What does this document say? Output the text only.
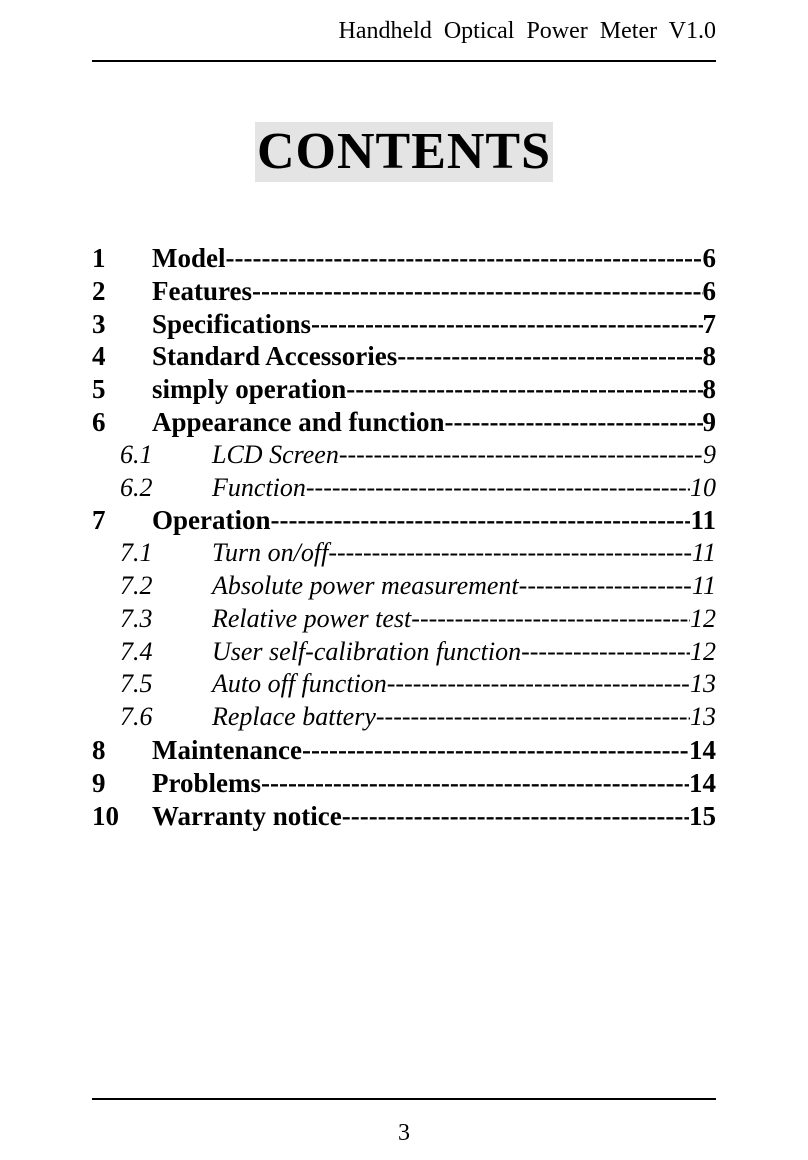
Handheld Optical Power Meter V1.0
CONTENTS
1	Model -----	6
2	Features -----	6
3	Specifications -----	7
4	Standard Accessories -----	8
5	simply operation -----	8
6	Appearance and function -----	9
6.1	LCD Screen -----	9
6.2	Function -----	10
7	Operation -----	11
7.1	Turn on/off -----	11
7.2	Absolute power measurement -----	11
7.3	Relative power test -----	12
7.4	User self-calibration function -----	12
7.5	Auto off function -----	13
7.6	Replace battery -----	13
8	Maintenance -----	14
9	Problems -----	14
10	Warranty notice -----	15
3
